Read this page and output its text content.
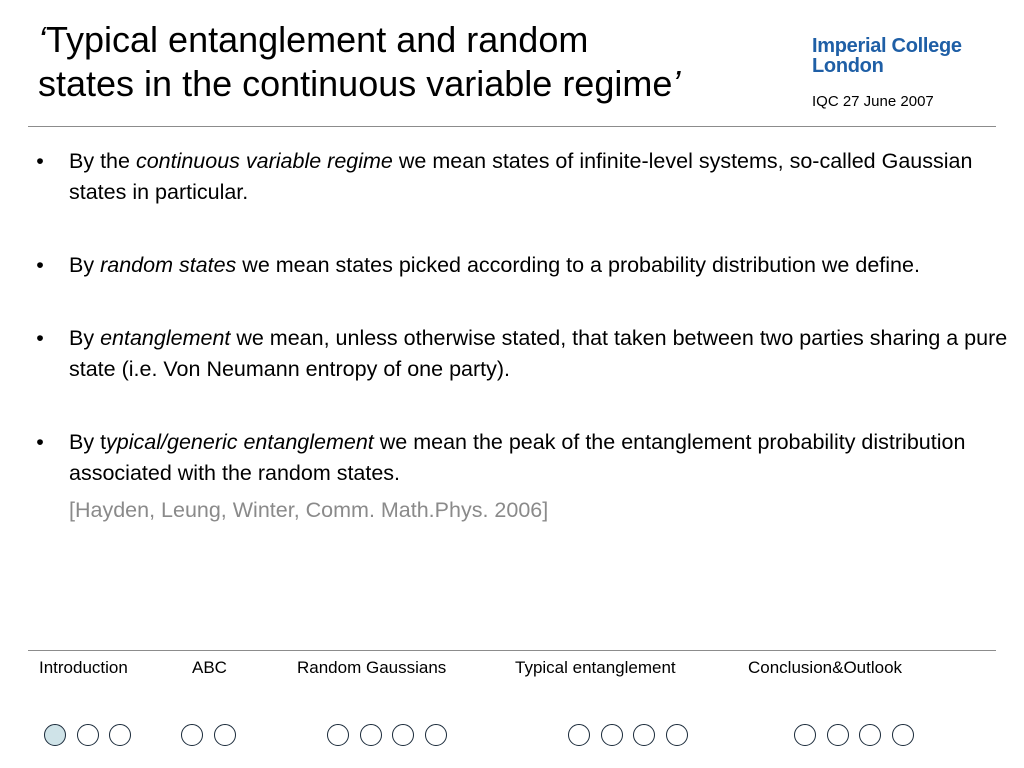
‘Typical entanglement and random
states in the continuous variable regime’
Imperial College
London
IQC 27 June 2007
• By the continuous variable regime we mean states of infinite-level systems, so-called Gaussian states in particular.
• By random states we mean states picked according to a probability distribution we define.
• By entanglement we mean, unless otherwise stated, that taken between two parties sharing a pure state (i.e. Von Neumann entropy of one party).
• By typical/generic entanglement we mean the peak of the entanglement probability distribution associated with the random states.
[Hayden, Leung, Winter, Comm. Math.Phys. 2006]
Introduction	ABC	Random Gaussians	Typical entanglement	Conclusion&Outlook
